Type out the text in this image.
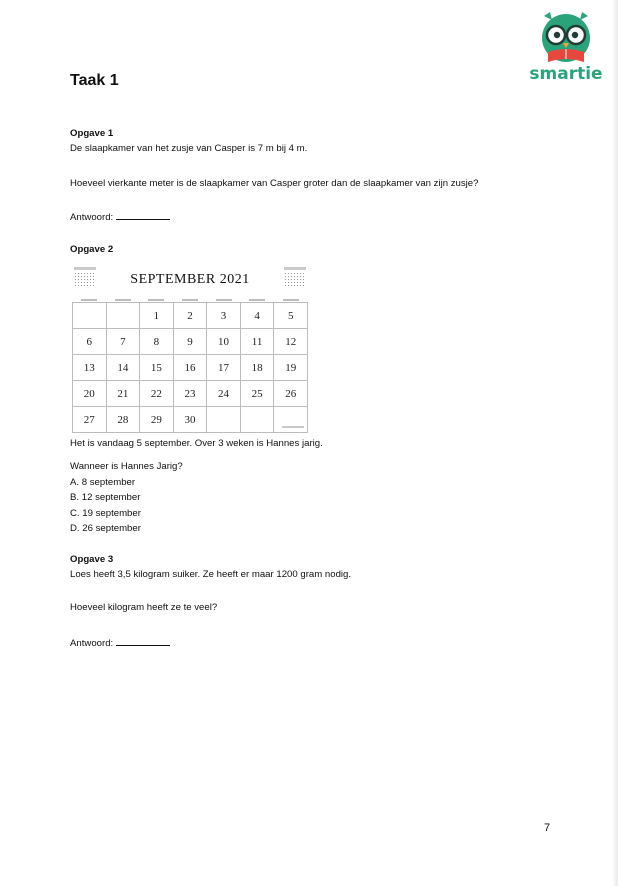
smartie
Taak 1
Opgave 1
De slaapkamer van het zusje van Casper is 7 m bij 4 m.
Hoeveel vierkante meter is de slaapkamer van Casper groter dan de slaapkamer van zijn zusje?
Antwoord:
Opgave 2
SEPTEMBER 2021

		1	2	3	4	5
6	7	8	9	10	11	12
13	14	15	16	17	18	19
20	21	22	23	24	25	26
27	28	29	30			
Het is vandaag 5 september. Over 3 weken is Hannes jarig.
Wanneer is Hannes Jarig?
A. 8 september
B. 12 september
C. 19 september
D. 26 september
Opgave 3
Loes heeft 3,5 kilogram suiker. Ze heeft er maar 1200 gram nodig.
Hoeveel kilogram heeft ze te veel?
Antwoord:
7
